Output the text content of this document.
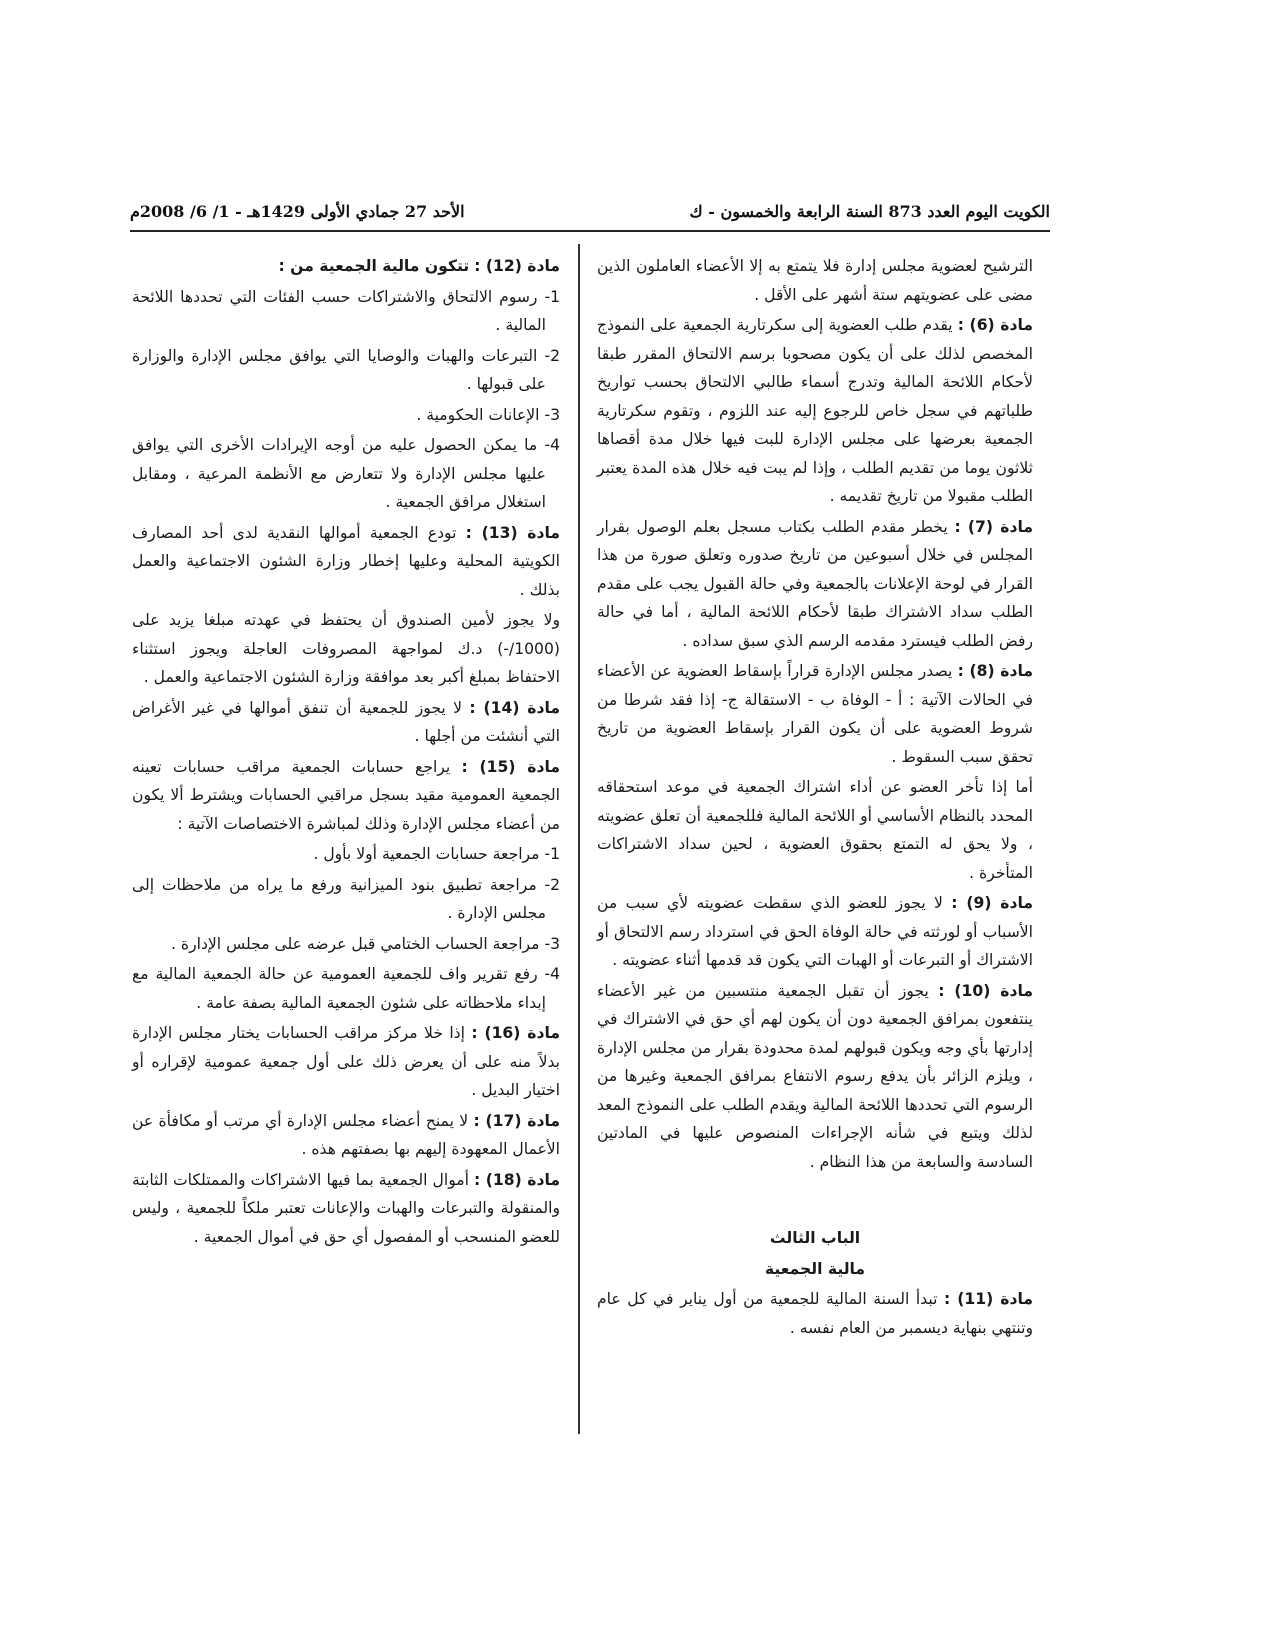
الكويت اليوم العدد 873 السنة الرابعة والخمسون - ك
الأحد 27 جمادي الأولى 1429هـ - 1/ 6/ 2008م

الترشيح لعضوية مجلس إدارة فلا يتمتع به إلا الأعضاء العاملون الذين مضى على عضويتهم ستة أشهر على الأقل .

مادة (6) : يقدم طلب العضوية إلى سكرتارية الجمعية على النموذج المخصص لذلك على أن يكون مصحوبا برسم الالتحاق المقرر طبقا لأحكام اللائحة المالية وتدرج أسماء طالبي الالتحاق بحسب تواريخ طلباتهم في سجل خاص للرجوع إليه عند اللزوم ، وتقوم سكرتارية الجمعية بعرضها على مجلس الإدارة للبت فيها خلال مدة أقصاها ثلاثون يوما من تقديم الطلب ، وإذا لم يبت فيه خلال هذه المدة يعتبر الطلب مقبولا من تاريخ تقديمه .

مادة (7) : يخطر مقدم الطلب بكتاب مسجل بعلم الوصول بقرار المجلس في خلال أسبوعين من تاريخ صدوره وتعلق صورة من هذا القرار في لوحة الإعلانات بالجمعية وفي حالة القبول يجب على مقدم الطلب سداد الاشتراك طبقا لأحكام اللائحة المالية ، أما في حالة رفض الطلب فيسترد مقدمه الرسم الذي سبق سداده .

مادة (8) : يصدر مجلس الإدارة قراراً بإسقاط العضوية عن الأعضاء في الحالات الآتية : أ - الوفاة ب - الاستقالة ج- إذا فقد شرطا من شروط العضوية على أن يكون القرار بإسقاط العضوية من تاريخ تحقق سبب السقوط .

أما إذا تأخر العضو عن أداء اشتراك الجمعية في موعد استحقاقه المحدد بالنظام الأساسي أو اللائحة المالية فللجمعية أن تعلق عضويته ، ولا يحق له التمتع بحقوق العضوية ، لحين سداد الاشتراكات المتأخرة .

مادة (9) : لا يجوز للعضو الذي سقطت عضويته لأي سبب من الأسباب أو لورثته في حالة الوفاة الحق في استرداد رسم الالتحاق أو الاشتراك أو التبرعات أو الهبات التي يكون قد قدمها أثناء عضويته .

مادة (10) : يجوز أن تقبل الجمعية منتسبين من غير الأعضاء ينتفعون بمرافق الجمعية دون أن يكون لهم أي حق في الاشتراك في إدارتها بأي وجه ويكون قبولهم لمدة محدودة بقرار من مجلس الإدارة ، ويلزم الزائر بأن يدفع رسوم الانتفاع بمرافق الجمعية وغيرها من الرسوم التي تحددها اللائحة المالية ويقدم الطلب على النموذج المعد لذلك ويتبع في شأنه الإجراءات المنصوص عليها في المادتين السادسة والسابعة من هذا النظام .

الباب الثالث

مالية الجمعية

مادة (11) : تبدأ السنة المالية للجمعية من أول يناير في كل عام وتنتهي بنهاية ديسمبر من العام نفسه .

مادة (12) : تتكون مالية الجمعية من :

1- رسوم الالتحاق والاشتراكات حسب الفئات التي تحددها اللائحة المالية .

2- التبرعات والهبات والوصايا التي يوافق مجلس الإدارة والوزارة على قبولها .

3- الإعانات الحكومية .

4- ما يمكن الحصول عليه من أوجه الإيرادات الأخرى التي يوافق عليها مجلس الإدارة ولا تتعارض مع الأنظمة المرعية ، ومقابل استغلال مرافق الجمعية .

مادة (13) : تودع الجمعية أموالها النقدية لدى أحد المصارف الكويتية المحلية وعليها إخطار وزارة الشئون الاجتماعية والعمل بذلك .

ولا يجوز لأمين الصندوق أن يحتفظ في عهدته مبلغا يزيد على (1000/-) د.ك لمواجهة المصروفات العاجلة ويجوز استثناء الاحتفاظ بمبلغ أكبر بعد موافقة وزارة الشئون الاجتماعية والعمل .

مادة (14) : لا يجوز للجمعية أن تنفق أموالها في غير الأغراض التي أنشئت من أجلها .

مادة (15) : يراجع حسابات الجمعية مراقب حسابات تعينه الجمعية العمومية مقيد بسجل مراقبي الحسابات ويشترط ألا يكون من أعضاء مجلس الإدارة وذلك لمباشرة الاختصاصات الآتية :

1- مراجعة حسابات الجمعية أولا بأول .

2- مراجعة تطبيق بنود الميزانية ورفع ما يراه من ملاحظات إلى مجلس الإدارة .

3- مراجعة الحساب الختامي قبل عرضه على مجلس الإدارة .

4- رفع تقرير واف للجمعية العمومية عن حالة الجمعية المالية مع إبداء ملاحظاته على شئون الجمعية المالية بصفة عامة .

مادة (16) : إذا خلا مركز مراقب الحسابات يختار مجلس الإدارة بدلاً منه على أن يعرض ذلك على أول جمعية عمومية لإقراره أو اختيار البديل .

مادة (17) : لا يمنح أعضاء مجلس الإدارة أي مرتب أو مكافأة عن الأعمال المعهودة إليهم بها بصفتهم هذه .

مادة (18) : أموال الجمعية بما فيها الاشتراكات والممتلكات الثابتة والمنقولة والتبرعات والهبات والإعانات تعتبر ملكاً للجمعية ، وليس للعضو المنسحب أو المفصول أي حق في أموال الجمعية .
